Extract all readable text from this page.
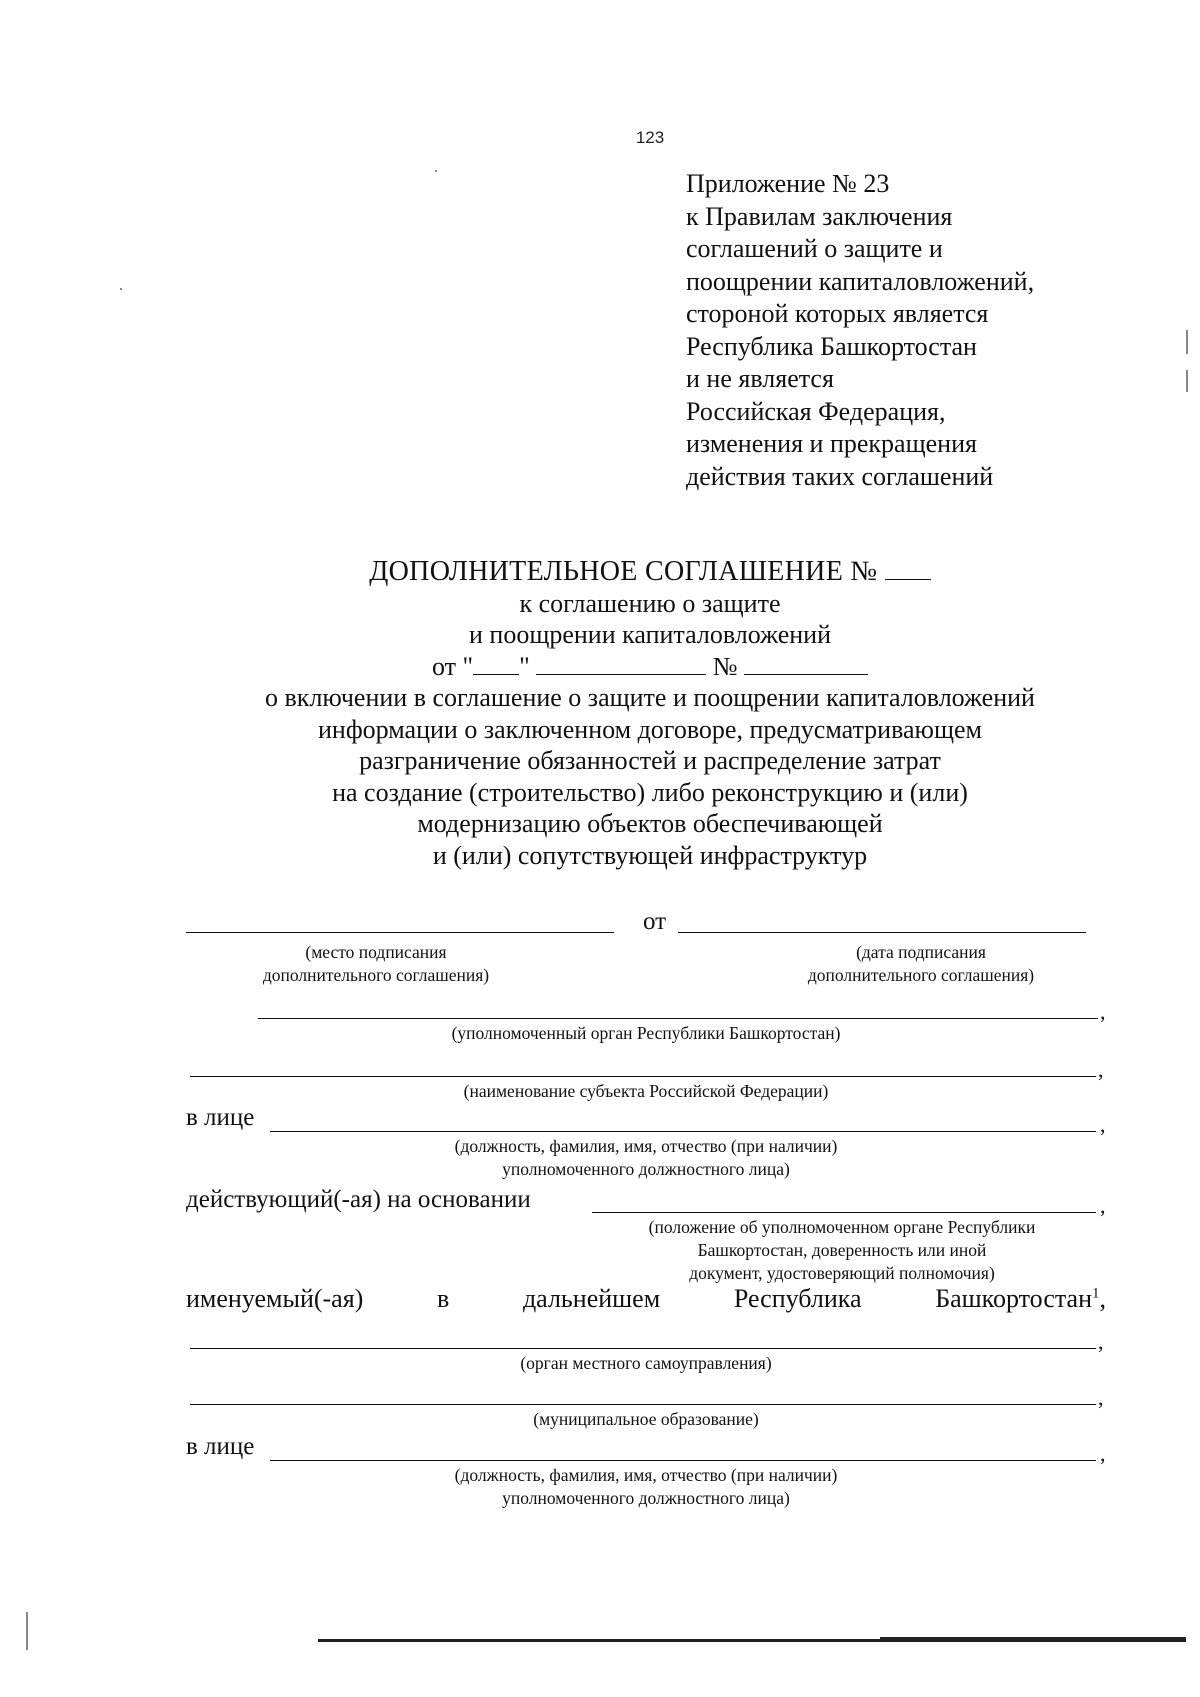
123
Приложение № 23
к Правилам заключения
соглашений о защите и
поощрении капиталовложений,
стороной которых является
Республика Башкортостан
и не является
Российская Федерация,
изменения и прекращения
действия таких соглашений
ДОПОЛНИТЕЛЬНОЕ СОГЛАШЕНИЕ №
к соглашению о защите
и поощрении капиталовложений
от " "	№
о включении в соглашение о защите и поощрении капиталовложений
информации о заключенном договоре, предусматривающем
разграничение обязанностей и распределение затрат
на создание (строительство) либо реконструкцию и (или)
модернизацию объектов обеспечивающей
и (или) сопутствующей инфраструктур
от
(место подписания
дополнительного соглашения)
(дата подписания
дополнительного соглашения)
,
(уполномоченный орган Республики Башкортостан)
,
(наименование субъекта Российской Федерации)
в лице	,
(должность, фамилия, имя, отчество (при наличии)
уполномоченного должностного лица)
действующий(-ая) на основании	,
(положение об уполномоченном органе Республики
Башкортостан, доверенность или иной
документ, удостоверяющий полномочия)
именуемый(-ая)	в	дальнейшем	Республика	Башкортостан$^1$,
,
(орган местного самоуправления)
,
(муниципальное образование)
в лице	,
(должность, фамилия, имя, отчество (при наличии)
уполномоченного должностного лица)
